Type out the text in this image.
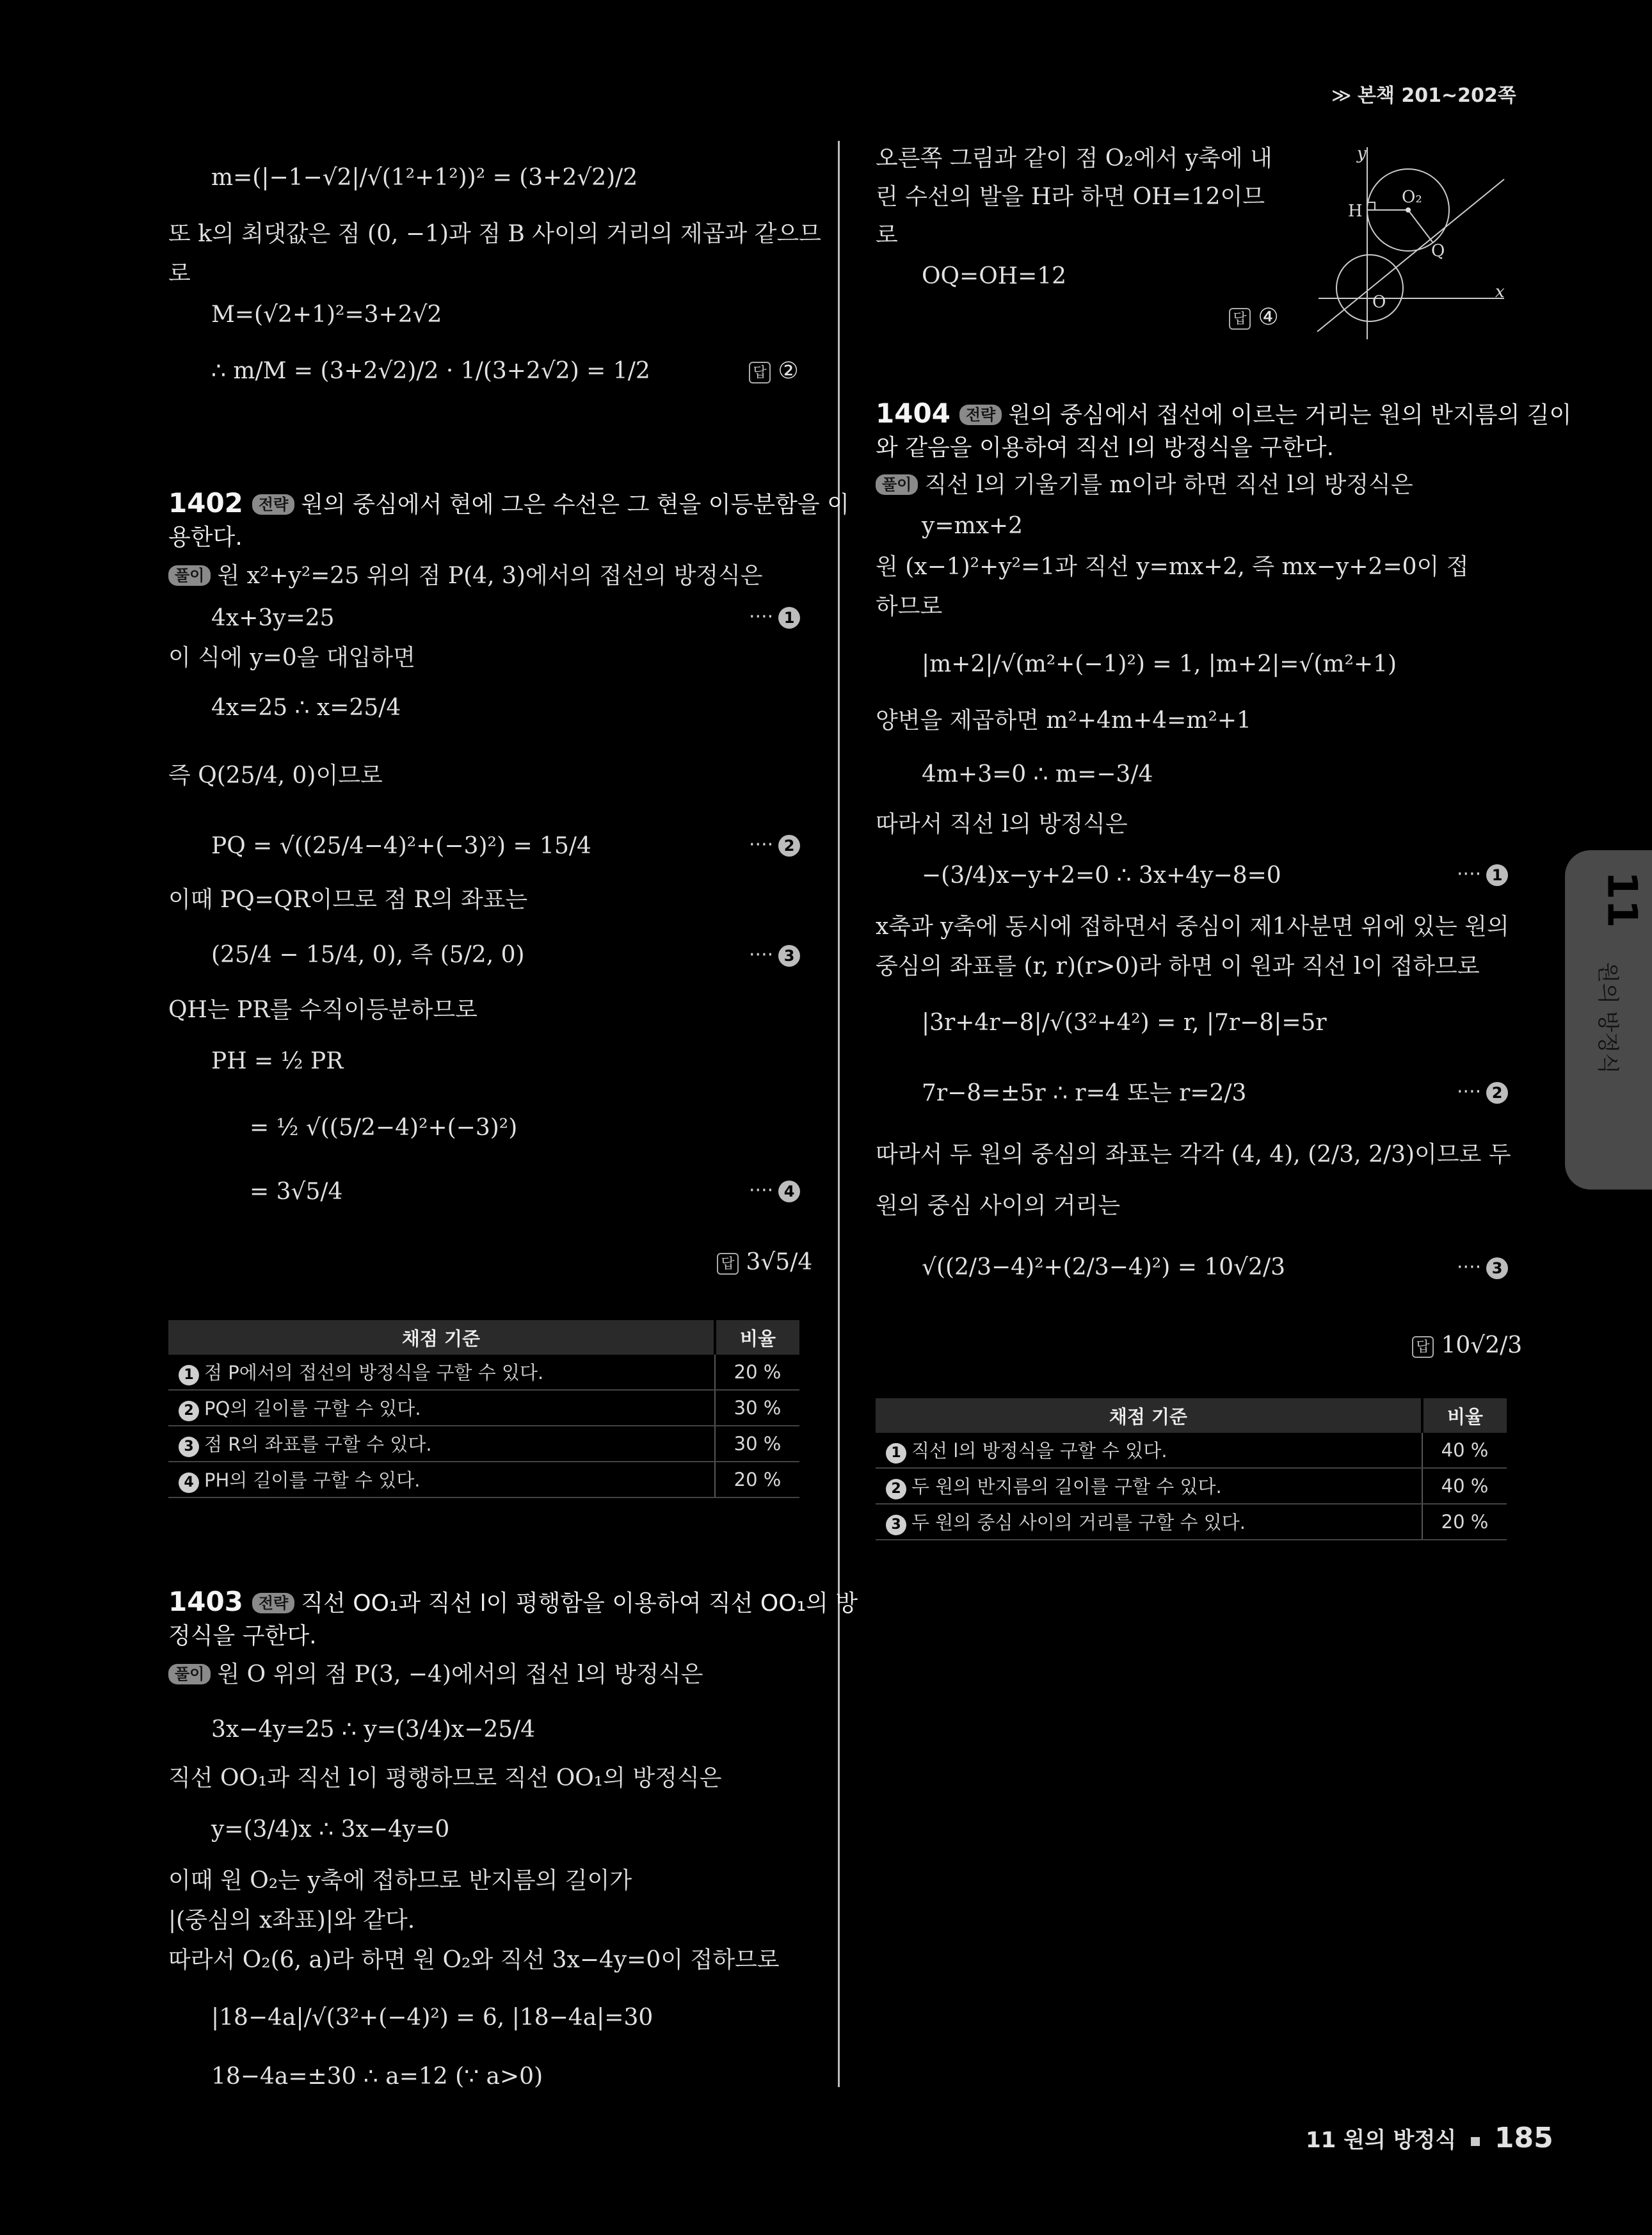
≫ 본책 201~202쪽
11
원의 방정식
m=(|−1−√2|/√(1²+1²))² = (3+2√2)/2
또 k의 최댓값은 점 (0, −1)과 점 B 사이의 거리의 제곱과 같으므
로
M=(√2+1)²=3+2√2
∴ m/M = (3+2√2)/2 · 1/(3+2√2) = 1/2	답 ②
1402 전략 원의 중심에서 현에 그은 수선은 그 현을 이등분함을 이
용한다.
풀이 원 x²+y²=25 위의 점 P(4, 3)에서의 접선의 방정식은
4x+3y=25	···· 1
이 식에 y=0을 대입하면
4x=25 ∴ x=25/4
즉 Q(25/4, 0)이므로
PQ = √((25/4−4)²+(−3)²) = 15/4	···· 2
이때 PQ=QR이므로 점 R의 좌표는
(25/4 − 15/4, 0), 즉 (5/2, 0)	···· 3
QH는 PR를 수직이등분하므로
PH = ½ PR
= ½ √((5/2−4)²+(−3)²)
= 3√5/4	···· 4
답 3√5/4
채점 기준	비율
1 점 P에서의 접선의 방정식을 구할 수 있다.	20 %
2 PQ의 길이를 구할 수 있다.	30 %
3 점 R의 좌표를 구할 수 있다.	30 %
4 PH의 길이를 구할 수 있다.	20 %
1403 전략 직선 OO₁과 직선 l이 평행함을 이용하여 직선 OO₁의 방
정식을 구한다.
풀이 원 O 위의 점 P(3, −4)에서의 접선 l의 방정식은
3x−4y=25 ∴ y=(3/4)x−25/4
직선 OO₁과 직선 l이 평행하므로 직선 OO₁의 방정식은
y=(3/4)x ∴ 3x−4y=0
이때 원 O₂는 y축에 접하므로 반지름의 길이가
|(중심의 x좌표)|와 같다.
따라서 O₂(6, a)라 하면 원 O₂와 직선 3x−4y=0이 접하므로
|18−4a|/√(3²+(−4)²) = 6, |18−4a|=30
18−4a=±30 ∴ a=12 (∵ a>0)
오른쪽 그림과 같이 점 O₂에서 y축에 내
린 수선의 발을 H라 하면 OH=12이므
로
OQ=OH=12
답 ④
y
x
O₂
H
Q
O
1404 전략 원의 중심에서 접선에 이르는 거리는 원의 반지름의 길이
와 같음을 이용하여 직선 l의 방정식을 구한다.
풀이 직선 l의 기울기를 m이라 하면 직선 l의 방정식은
y=mx+2
원 (x−1)²+y²=1과 직선 y=mx+2, 즉 mx−y+2=0이 접
하므로
|m+2|/√(m²+(−1)²) = 1, |m+2|=√(m²+1)
양변을 제곱하면 m²+4m+4=m²+1
4m+3=0 ∴ m=−3/4
따라서 직선 l의 방정식은
−(3/4)x−y+2=0 ∴ 3x+4y−8=0	···· 1
x축과 y축에 동시에 접하면서 중심이 제1사분면 위에 있는 원의
중심의 좌표를 (r, r)(r>0)라 하면 이 원과 직선 l이 접하므로
|3r+4r−8|/√(3²+4²) = r, |7r−8|=5r
7r−8=±5r ∴ r=4 또는 r=2/3	···· 2
따라서 두 원의 중심의 좌표는 각각 (4, 4), (2/3, 2/3)이므로 두
원의 중심 사이의 거리는
√((2/3−4)²+(2/3−4)²) = 10√2/3	···· 3
답 10√2/3
채점 기준	비율
1 직선 l의 방정식을 구할 수 있다.	40 %
2 두 원의 반지름의 길이를 구할 수 있다.	40 %
3 두 원의 중심 사이의 거리를 구할 수 있다.	20 %
11 원의 방정식 185
